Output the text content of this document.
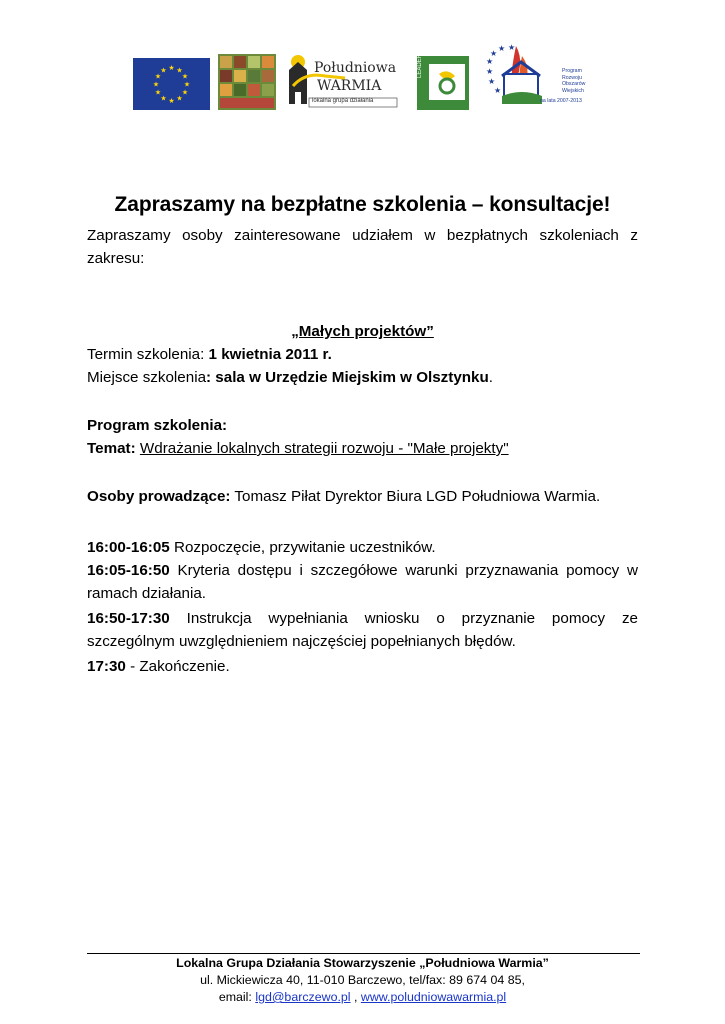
★ ★
★
★
★
★
★
★
★
★
★
★	Południowa
WARMIA
lokalna grupa działania
LEADER	★
★
★ ★
★
★
★
Program
Rozwoju
Obszarów
Wiejskich
na lata 2007-2013
Zapraszamy na bezpłatne szkolenia – konsultacje!
Zapraszamy osoby zainteresowane udziałem w bezpłatnych szkoleniach z zakresu:
„Małych projektów”
Termin szkolenia: 1 kwietnia 2011 r.
Miejsce szkolenia: sala w Urzędzie Miejskim w Olsztynku.
Program szkolenia:
Temat: Wdrażanie lokalnych strategii rozwoju - "Małe projekty"
Osoby prowadzące: Tomasz Piłat Dyrektor Biura LGD Południowa Warmia.
16:00-16:05 Rozpoczęcie, przywitanie uczestników.
16:05-16:50 Kryteria dostępu i szczegółowe warunki przyznawania pomocy w ramach działania.
16:50-17:30 Instrukcja wypełniania wniosku o przyznanie pomocy ze szczególnym uwzględnieniem najczęściej popełnianych błędów.
17:30 - Zakończenie.
Lokalna Grupa Działania Stowarzyszenie „Południowa Warmia”
ul. Mickiewicza 40, 11-010 Barczewo, tel/fax: 89 674 04 85,
email: lgd@barczewo.pl , www.poludniowawarmia.pl
